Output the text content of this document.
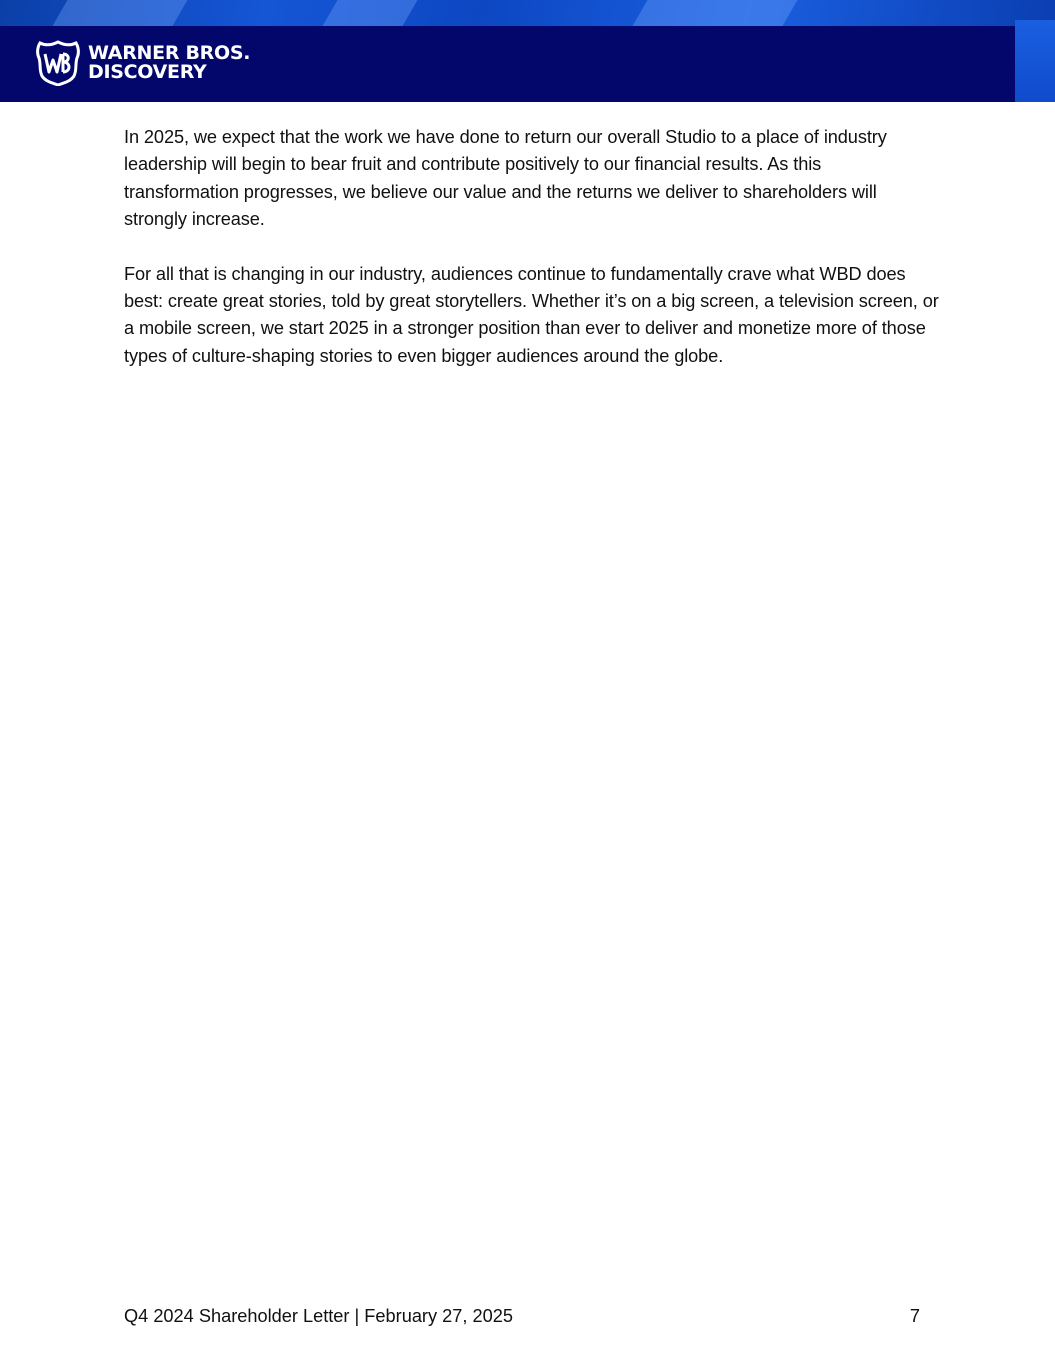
WARNER BROS.
DISCOVERY

In 2025, we expect that the work we have done to return our overall Studio to a place of industry leadership will begin to bear fruit and contribute positively to our financial results. As this transformation progresses, we believe our value and the returns we deliver to shareholders will strongly increase.

For all that is changing in our industry, audiences continue to fundamentally crave what WBD does best: create great stories, told by great storytellers. Whether it’s on a big screen, a television screen, or a mobile screen, we start 2025 in a stronger position than ever to deliver and monetize more of those types of culture-shaping stories to even bigger audiences around the globe.

Q4 2024 Shareholder Letter | February 27, 2025	7
